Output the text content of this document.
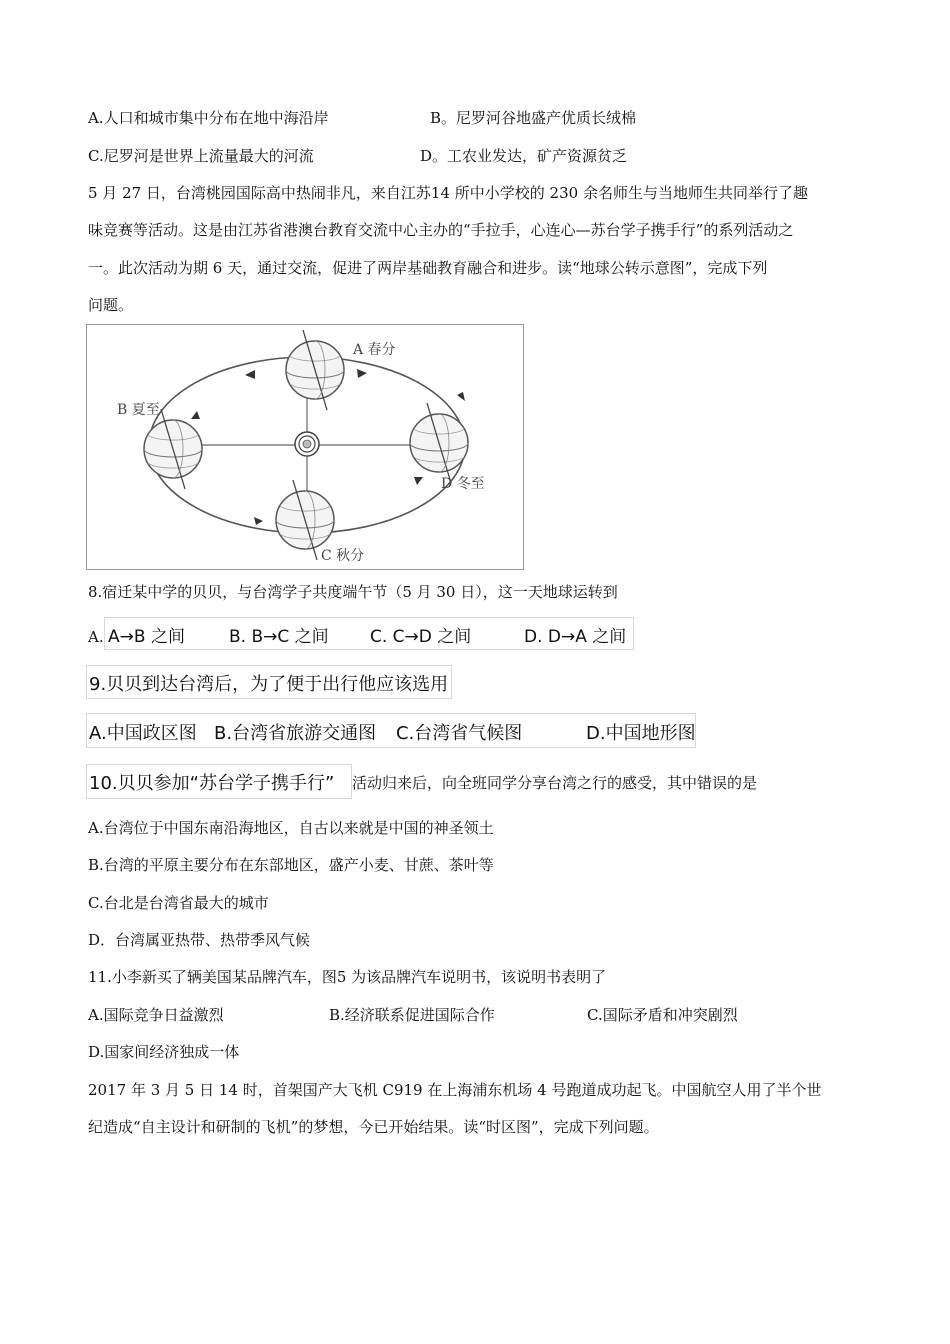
A.人口和城市集中分布在地中海沿岸	B。尼罗河谷地盛产优质长绒棉
C.尼罗河是世界上流量最大的河流	D。工农业发达，矿产资源贫乏
5 月 27 日，台湾桃园国际高中热闹非凡，来自江苏14 所中小学校的 230 余名师生与当地师生共同举行了趣
味竞赛等活动。这是由江苏省港澳台教育交流中心主办的“手拉手，心连心—苏台学子携手行”的系列活动之
一。此次活动为期 6 天，通过交流，促进了两岸基础教育融合和进步。读“地球公转示意图”，完成下列
问题。
A 春分
B 夏至
C 秋分
D 冬至
8.宿迁某中学的贝贝，与台湾学子共度端午节（5 月 30 日），这一天地球运转到
A. A→B 之间	B. B→C 之间 C. C→D 之间	D. D→A 之间
9.贝贝到达台湾后，为了便于出行他应该选用
A.中国政区图 B.台湾省旅游交通图 C.台湾省气候图	D.中国地形图
10.贝贝参加“苏台学子携手行” 活动归来后，向全班同学分享台湾之行的感受，其中错误的是
A.台湾位于中国东南沿海地区，自古以来就是中国的神圣领土
B.台湾的平原主要分布在东部地区，盛产小麦、甘蔗、茶叶等
C.台北是台湾省最大的城市
D．台湾属亚热带、热带季风气候
11.小李新买了辆美国某品牌汽车，图5 为该品牌汽车说明书，该说明书表明了
A.国际竞争日益激烈	B.经济联系促进国际合作	C.国际矛盾和冲突剧烈
D.国家间经济独成一体
2017 年 3 月 5 日 14 时，首架国产大飞机 C919 在上海浦东机场 4 号跑道成功起飞。中国航空人用了半个世
纪造成“自主设计和研制的飞机”的梦想，今已开始结果。读“时区图”，完成下列问题。
